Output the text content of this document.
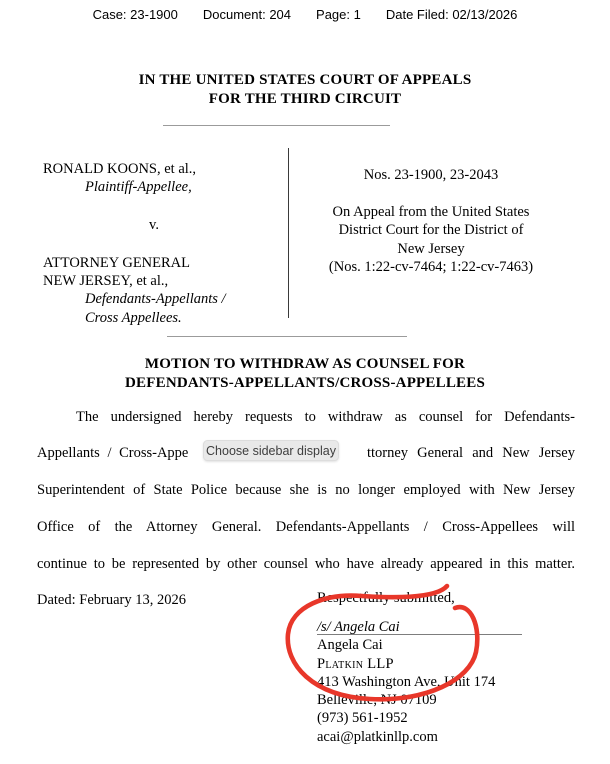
Case: 23-1900 Document: 204 Page: 1 Date Filed: 02/13/2026
IN THE UNITED STATES COURT OF APPEALS
FOR THE THIRD CIRCUIT
RONALD KOONS, et al.,
Plaintiff-Appellee,
v.
ATTORNEY GENERAL
NEW JERSEY, et al.,
Defendants-Appellants /
Cross Appellees.
Nos. 23-1900, 23-2043
On Appeal from the United States
District Court for the District of
New Jersey
(Nos. 1:22-cv-7464; 1:22-cv-7463)
MOTION TO WITHDRAW AS COUNSEL FOR
DEFENDANTS-APPELLANTS/CROSS-APPELLEES
The undersigned hereby requests to withdraw as counsel for Defendants-
Appellants / Cross-Appe	ttorney General and New Jersey
Superintendent of State Police because she is no longer employed with New Jersey
Office of the Attorney General. Defendants-Appellants / Cross-Appellees will
continue to be represented by other counsel who have already appeared in this matter.
Choose sidebar display
Dated: February 13, 2026	Respectfully submitted,
/s/ Angela Cai
Angela Cai
Platkin LLP
413 Washington Ave, Unit 174
Belleville, NJ 07109
(973) 561-1952
acai@platkinllp.com
